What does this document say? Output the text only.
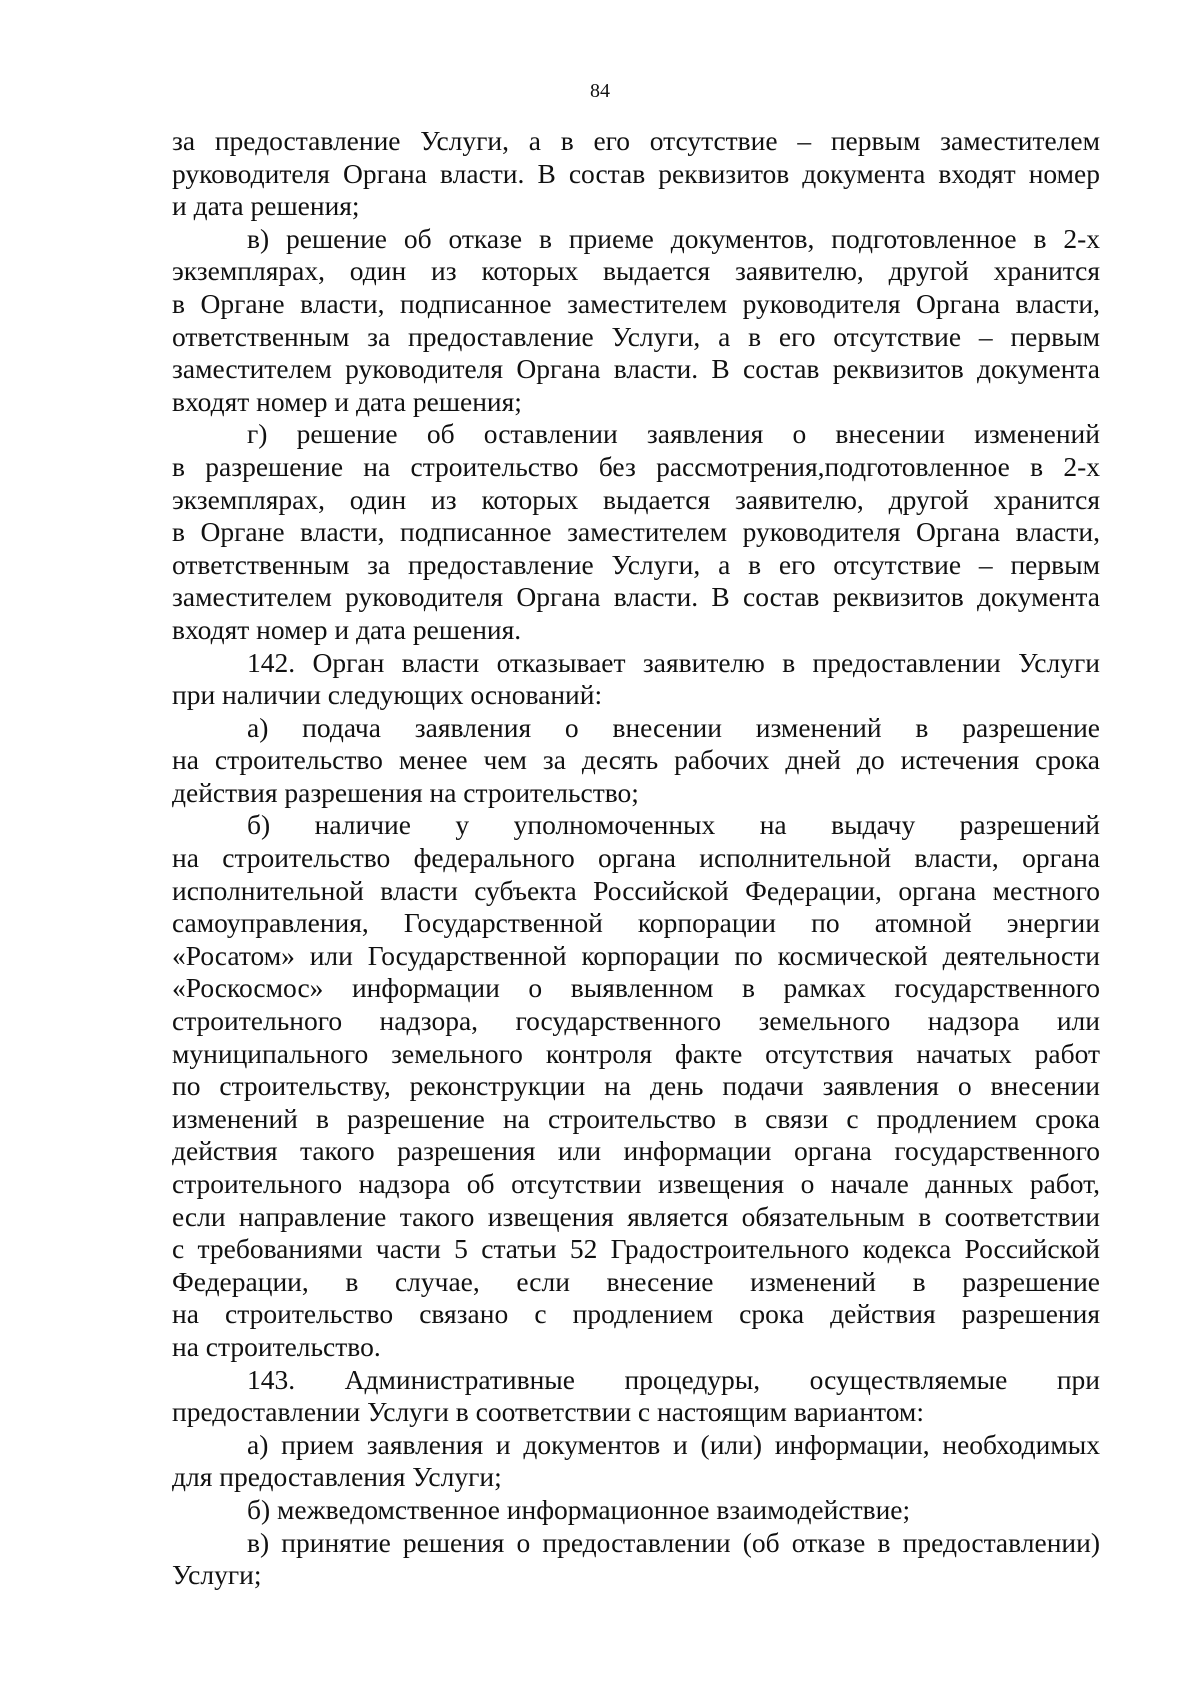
84
за предоставление Услуги, а в его отсутствие – первым заместителем
руководителя Органа власти. В состав реквизитов документа входят номер
и дата решения;
в) решение об отказе в приеме документов, подготовленное в 2-х
экземплярах, один из которых выдается заявителю, другой хранится
в Органе власти, подписанное заместителем руководителя Органа власти,
ответственным за предоставление Услуги, а в его отсутствие – первым
заместителем руководителя Органа власти. В состав реквизитов документа
входят номер и дата решения;
г) решение об оставлении заявления о внесении изменений
в разрешение на строительство без рассмотрения,подготовленное в 2-х
экземплярах, один из которых выдается заявителю, другой хранится
в Органе власти, подписанное заместителем руководителя Органа власти,
ответственным за предоставление Услуги, а в его отсутствие – первым
заместителем руководителя Органа власти. В состав реквизитов документа
входят номер и дата решения.
142. Орган власти отказывает заявителю в предоставлении Услуги
при наличии следующих оснований:
а) подача заявления о внесении изменений в разрешение
на строительство менее чем за десять рабочих дней до истечения срока
действия разрешения на строительство;
б) наличие у уполномоченных на выдачу разрешений
на строительство федерального органа исполнительной власти, органа
исполнительной власти субъекта Российской Федерации, органа местного
самоуправления, Государственной корпорации по атомной энергии
«Росатом» или Государственной корпорации по космической деятельности
«Роскосмос» информации о выявленном в рамках государственного
строительного надзора, государственного земельного надзора или
муниципального земельного контроля факте отсутствия начатых работ
по строительству, реконструкции на день подачи заявления о внесении
изменений в разрешение на строительство в связи с продлением срока
действия такого разрешения или информации органа государственного
строительного надзора об отсутствии извещения о начале данных работ,
если направление такого извещения является обязательным в соответствии
с требованиями части 5 статьи 52 Градостроительного кодекса Российской
Федерации, в случае, если внесение изменений в разрешение
на строительство связано с продлением срока действия разрешения
на строительство.
143. Административные процедуры, осуществляемые при
предоставлении Услуги в соответствии с настоящим вариантом:
а) прием заявления и документов и (или) информации, необходимых
для предоставления Услуги;
б) межведомственное информационное взаимодействие;
в) принятие решения о предоставлении (об отказе в предоставлении)
Услуги;
